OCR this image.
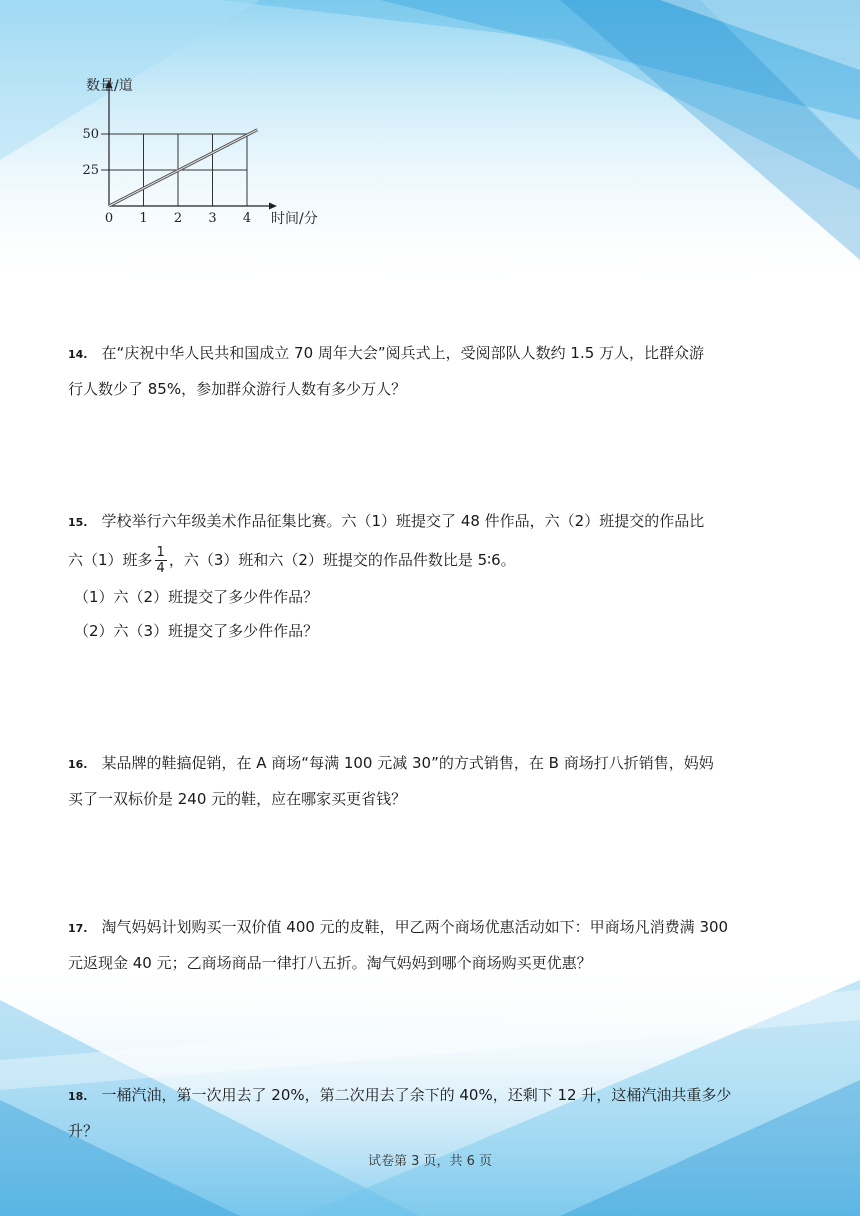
0 1 2 3 4
25
50
数量/道
时间/分
14. 在“庆祝中华人民共和国成立 70 周年大会”阅兵式上，受阅部队人数约 1.5 万人，比群众游
行人数少了 85%，参加群众游行人数有多少万人？
15. 学校举行六年级美术作品征集比赛。六（1）班提交了 48 件作品，六（2）班提交的作品比
六（1）班多 $\frac{1}{4}$ ，六（3）班和六（2）班提交的作品件数比是 5∶6。
（1）六（2）班提交了多少件作品？
（2）六（3）班提交了多少件作品？
16. 某品牌的鞋搞促销，在 A 商场“每满 100 元减 30”的方式销售，在 B 商场打八折销售，妈妈
买了一双标价是 240 元的鞋，应在哪家买更省钱？
17. 淘气妈妈计划购买一双价值 400 元的皮鞋，甲乙两个商场优惠活动如下：甲商场凡消费满 300
元返现金 40 元；乙商场商品一律打八五折。淘气妈妈到哪个商场购买更优惠？
18. 一桶汽油，第一次用去了 20%，第二次用去了余下的 40%，还剩下 12 升，这桶汽油共重多少
升？
试卷第 3 页，共 6 页
